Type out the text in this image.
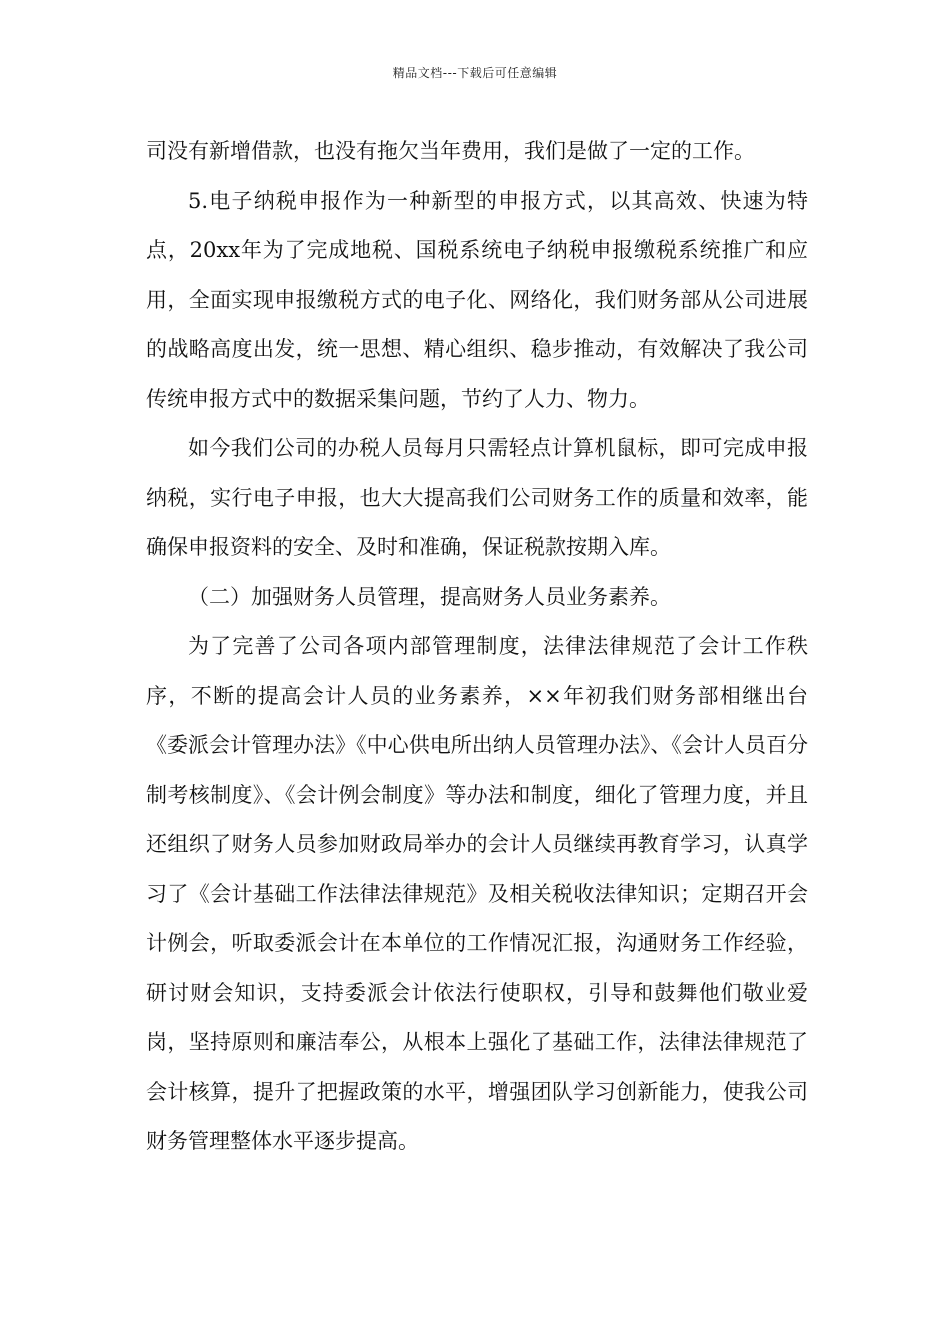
精品文档---下载后可任意编辑

司没有新增借款，也没有拖欠当年费用，我们是做了一定的工作。

5.电子纳税申报作为一种新型的申报方式，以其高效、快速为特点，20xx年为了完成地税、国税系统电子纳税申报缴税系统推广和应用，全面实现申报缴税方式的电子化、网络化，我们财务部从公司进展的战略高度出发，统一思想、精心组织、稳步推动，有效解决了我公司传统申报方式中的数据采集问题，节约了人力、物力。

如今我们公司的办税人员每月只需轻点计算机鼠标，即可完成申报纳税，实行电子申报，也大大提高我们公司财务工作的质量和效率，能确保申报资料的安全、及时和准确，保证税款按期入库。

（二）加强财务人员管理，提高财务人员业务素养。

为了完善了公司各项内部管理制度，法律法律规范了会计工作秩序，不断的提高会计人员的业务素养，××年初我们财务部相继出台《委派会计管理办法》《中心供电所出纳人员管理办法》、《会计人员百分制考核制度》、《会计例会制度》等办法和制度，细化了管理力度，并且还组织了财务人员参加财政局举办的会计人员继续再教育学习，认真学习了《会计基础工作法律法律规范》及相关税收法律知识；定期召开会计例会，听取委派会计在本单位的工作情况汇报，沟通财务工作经验，研讨财会知识，支持委派会计依法行使职权，引导和鼓舞他们敬业爱岗，坚持原则和廉洁奉公，从根本上强化了基础工作，法律法律规范了会计核算，提升了把握政策的水平，增强团队学习创新能力，使我公司财务管理整体水平逐步提高。
